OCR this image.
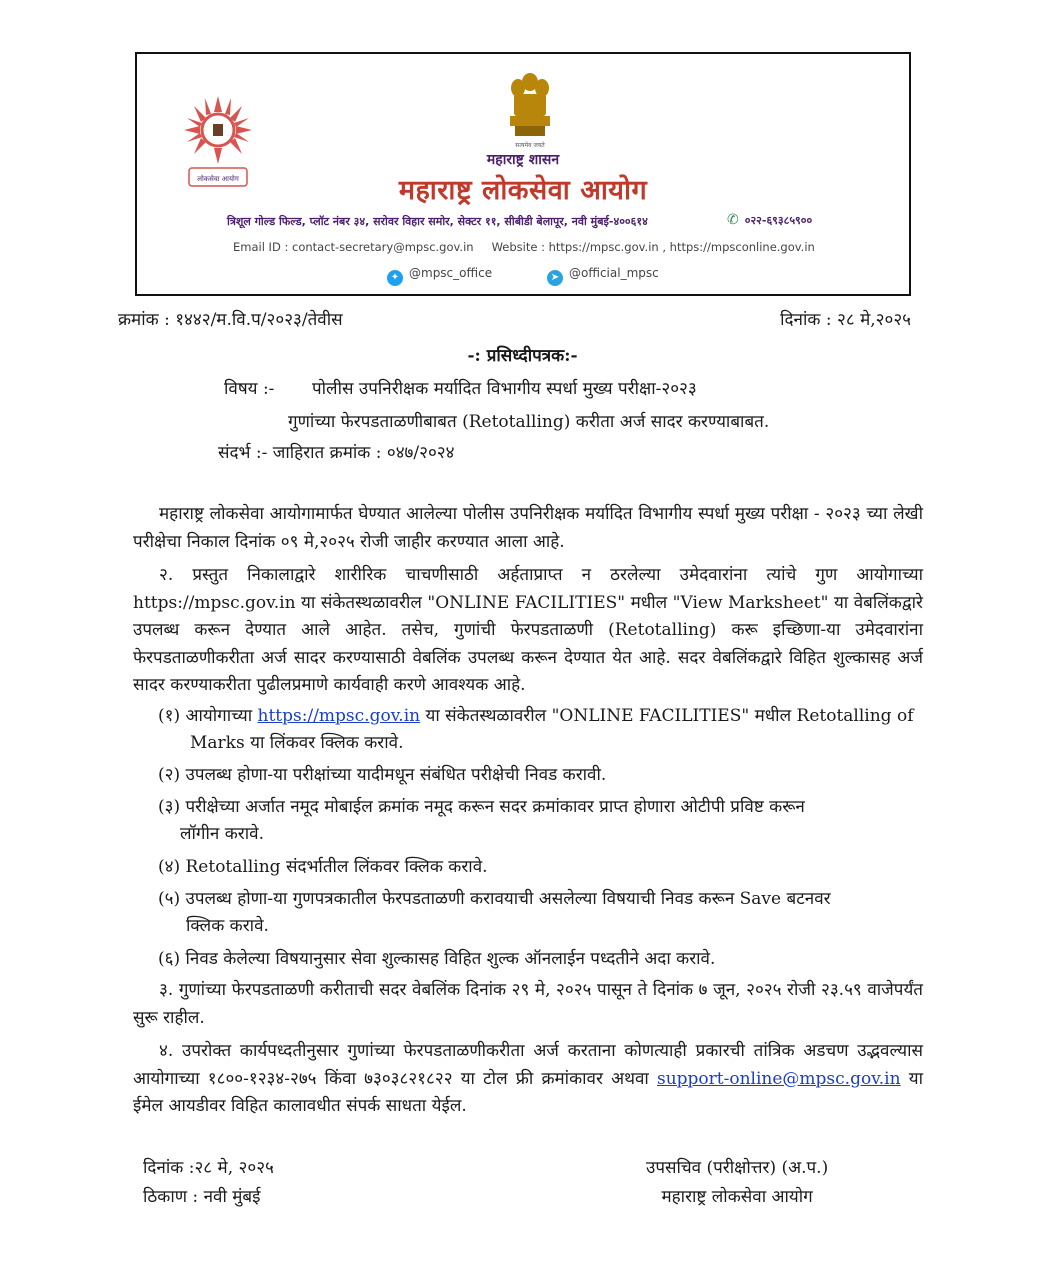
लोकसेवा आयोग
सत्यमेव जयते
महाराष्ट्र शासन
महाराष्ट्र लोकसेवा आयोग
त्रिशूल गोल्ड फिल्ड, प्लॉट नंबर ३४, सरोवर विहार समोर, सेक्टर ११, सीबीडी बेलापूर, नवी मुंबई-४००६१४	✆ ०२२-६९३८५९००
Email ID : contact-secretary@mpsc.gov.in Website : https://mpsc.gov.in , https://mpsconline.gov.in
✦ @mpsc_office	➤ @official_mpsc
क्रमांक : १४४२/म.वि.प/२०२३/तेवीस	दिनांक : २८ मे,२०२५
-: प्रसिध्दीपत्रक:-
विषय :- पोलीस उपनिरीक्षक मर्यादित विभागीय स्पर्धा मुख्य परीक्षा-२०२३
गुणांच्या फेरपडताळणीबाबत (Retotalling) करीता अर्ज सादर करण्याबाबत.
संदर्भ :- जाहिरात क्रमांक : ०४७/२०२४
महाराष्ट्र लोकसेवा आयोगामार्फत घेण्यात आलेल्या पोलीस उपनिरीक्षक मर्यादित विभागीय स्पर्धा मुख्य परीक्षा - २०२३ च्या लेखी परीक्षेचा निकाल दिनांक ०९ मे,२०२५ रोजी जाहीर करण्यात आला आहे.
२. प्रस्तुत निकालाद्वारे शारीरिक चाचणीसाठी अर्हताप्राप्त न ठरलेल्या उमेदवारांना त्यांचे गुण आयोगाच्या https://mpsc.gov.in या संकेतस्थळावरील "ONLINE FACILITIES" मधील "View Marksheet" या वेबलिंकद्वारे उपलब्ध करून देण्यात आले आहेत. तसेच, गुणांची फेरपडताळणी (Retotalling) करू इच्छिणा-या उमेदवारांना फेरपडताळणीकरीता अर्ज सादर करण्यासाठी वेबलिंक उपलब्ध करून देण्यात येत आहे. सदर वेबलिंकद्वारे विहित शुल्कासह अर्ज सादर करण्याकरीता पुढीलप्रमाणे कार्यवाही करणे आवश्यक आहे.
(१) आयोगाच्या https://mpsc.gov.in या संकेतस्थळावरील "ONLINE FACILITIES" मधील Retotalling of
Marks या लिंकवर क्लिक करावे.
(२) उपलब्ध होणा-या परीक्षांच्या यादीमधून संबंधित परीक्षेची निवड करावी.
(३) परीक्षेच्या अर्जात नमूद मोबाईल क्रमांक नमूद करून सदर क्रमांकावर प्राप्त होणारा ओटीपी प्रविष्ट करून
लॉगीन करावे.
(४) Retotalling संदर्भातील लिंकवर क्लिक करावे.
(५) उपलब्ध होणा-या गुणपत्रकातील फेरपडताळणी करावयाची असलेल्या विषयाची निवड करून Save बटनवर
क्लिक करावे.
(६) निवड केलेल्या विषयानुसार सेवा शुल्कासह विहित शुल्क ऑनलाईन पध्दतीने अदा करावे.
३. गुणांच्या फेरपडताळणी करीताची सदर वेबलिंक दिनांक २९ मे, २०२५ पासून ते दिनांक ७ जून, २०२५ रोजी २३.५९ वाजेपर्यंत सुरू राहील.
४. उपरोक्त कार्यपध्दतीनुसार गुणांच्या फेरपडताळणीकरीता अर्ज करताना कोणत्याही प्रकारची तांत्रिक अडचण उद्भवल्यास आयोगाच्या १८००-१२३४-२७५ किंवा ७३०३८२१८२२ या टोल फ्री क्रमांकावर अथवा support-online@mpsc.gov.in या ईमेल आयडीवर विहित कालावधीत संपर्क साधता येईल.
दिनांक :२८ मे, २०२५
ठिकाण : नवी मुंबई
उपसचिव (परीक्षोत्तर) (अ.प.)
महाराष्ट्र लोकसेवा आयोग
